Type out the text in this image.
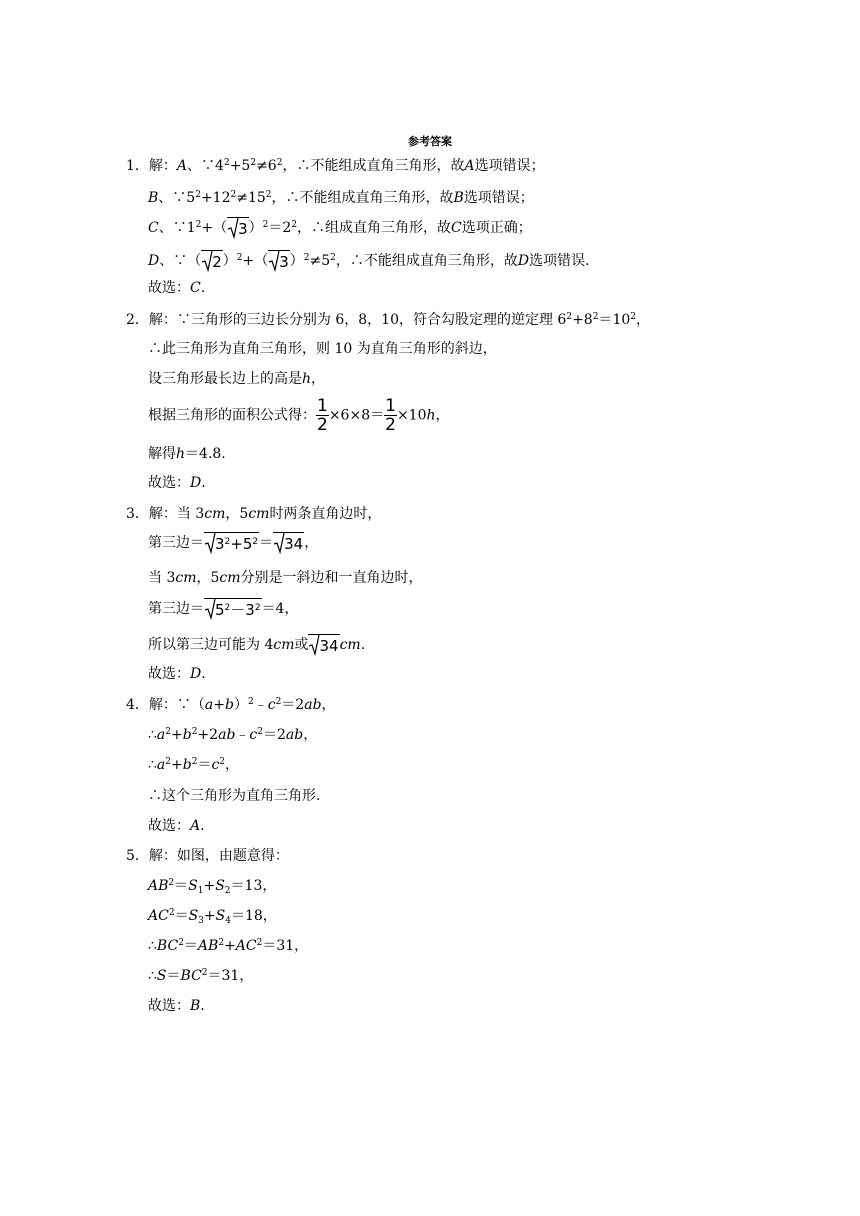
参考答案
1．解：A、$\because 4^2+5^2\ne 6^2$，∴不能组成直角三角形，故A选项错误；
B、$\because 5^2+12^2\ne 15^2$，∴不能组成直角三角形，故B选项错误；
C、$\because 1^2+$（ $3)^2=2^2$，∴组成直角三角形，故C选项正确；
D、∵（ 2）$^2$+（ $3)^2\ne 5^2$，∴不能组成直角三角形，故D选项错误.
故选：C.
2．解：∵三角形的三边长分别为 6，8，10，符合勾股定理的逆定理 $6^2+8^2=10^2$，
∴此三角形为直角三角形，则 10 为直角三角形的斜边，
设三角形最长边上的高是h，
根据三角形的面积公式得： $\frac{1}{2} \times 6\times 8= \frac{1}{2} \times 10h$，
解得h＝4.8.
故选：D.
3．解：当 3cm，5cm时两条直角边时，
第三边＝ $3^2+5^2= 34$，
当 3cm，5cm分别是一斜边和一直角边时，
第三边＝ $5^2-3^2=4$，
所以第三边可能为 4cm或 34cm.
故选：D.
4．解：$\because(a+b)^2﹣c^2=2ab$，
$\therefore a^2+b^2+2ab﹣c^2=2ab$，
$\therefore a^2+b^2=c^2$，
∴这个三角形为直角三角形.
故选：A.
5．解：如图，由题意得：
$AB^2=S_1+S_2=13$，
$AC^2=S_3+S_4=18$，
$\therefore BC^2=AB^2+AC^2=31$，
$\therefore S=BC^2=31$，
故选：B.
